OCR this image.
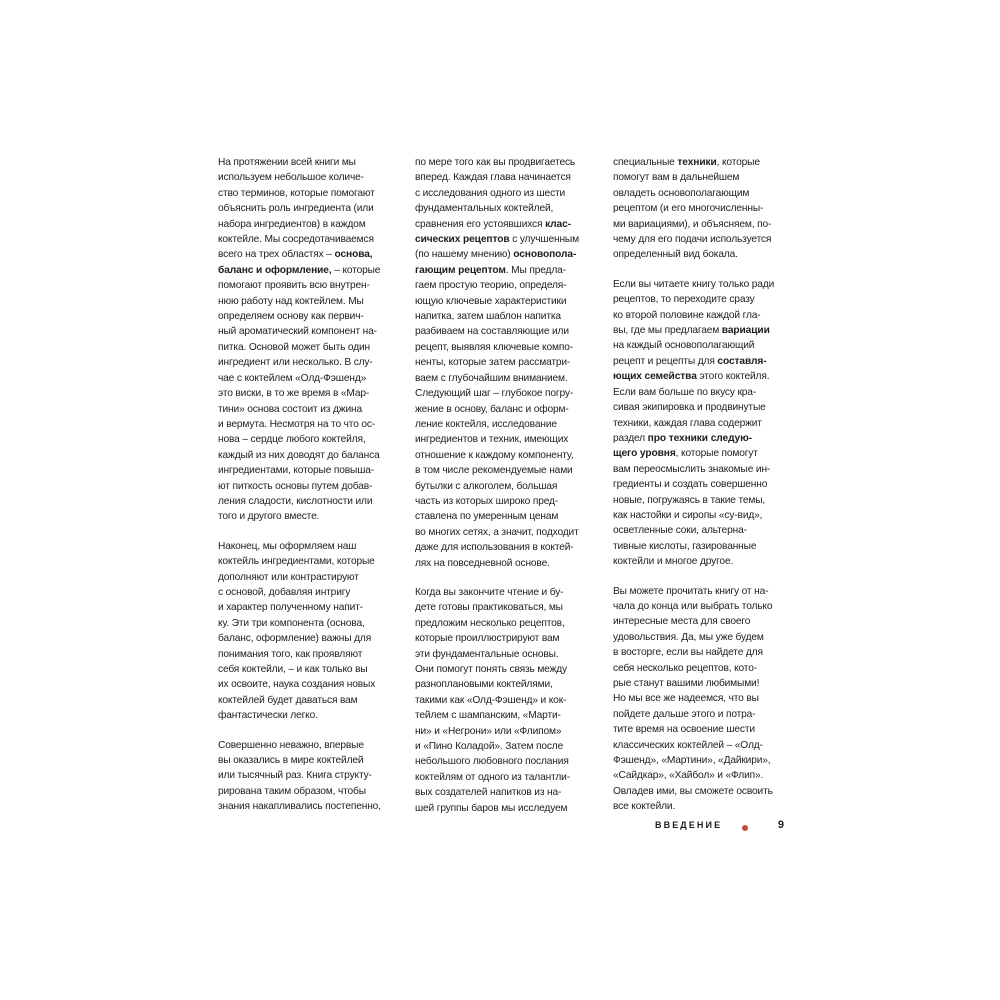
На протяжении всей книги мы
используем небольшое количе-
ство терминов, которые помогают
объяснить роль ингредиента (или
набора ингредиентов) в каждом
коктейле. Мы сосредотачиваемся
всего на трех областях – основа,
баланс и оформление, – которые
помогают проявить всю внутрен-
нюю работу над коктейлем. Мы
определяем основу как первич-
ный ароматический компонент на-
питка. Основой может быть один
ингредиент или несколько. В слу-
чае с коктейлем «Олд-Фэшенд»
это виски, в то же время в «Мар-
тини» основа состоит из джина
и вермута. Несмотря на то что ос-
нова – сердце любого коктейля,
каждый из них доводят до баланса
ингредиентами, которые повыша-
ют питкость основы путем добав-
ления сладости, кислотности или
того и другого вместе.
Наконец, мы оформляем наш
коктейль ингредиентами, которые
дополняют или контрастируют
с основой, добавляя интригу
и характер полученному напит-
ку. Эти три компонента (основа,
баланс, оформление) важны для
понимания того, как проявляют
себя коктейли, – и как только вы
их освоите, наука создания новых
коктейлей будет даваться вам
фантастически легко.
Совершенно неважно, впервые
вы оказались в мире коктейлей
или тысячный раз. Книга структу-
рирована таким образом, чтобы
знания накапливались постепенно,
по мере того как вы продвигаетесь
вперед. Каждая глава начинается
с исследования одного из шести
фундаментальных коктейлей,
сравнения его устоявшихся клас-
сических рецептов с улучшенным
(по нашему мнению) основопола-
гающим рецептом. Мы предла-
гаем простую теорию, определя-
ющую ключевые характеристики
напитка, затем шаблон напитка
разбиваем на составляющие или
рецепт, выявляя ключевые компо-
ненты, которые затем рассматри-
ваем с глубочайшим вниманием.
Следующий шаг – глубокое погру-
жение в основу, баланс и оформ-
ление коктейля, исследование
ингредиентов и техник, имеющих
отношение к каждому компоненту,
в том числе рекомендуемые нами
бутылки с алкоголем, большая
часть из которых широко пред-
ставлена по умеренным ценам
во многих сетях, а значит, подходит
даже для использования в коктей-
лях на повседневной основе.
Когда вы закончите чтение и бу-
дете готовы практиковаться, мы
предложим несколько рецептов,
которые проиллюстрируют вам
эти фундаментальные основы.
Они помогут понять связь между
разноплановыми коктейлями,
такими как «Олд-Фэшенд» и кок-
тейлем с шампанским, «Марти-
ни» и «Негрони» или «Флипом»
и «Пино Коладой». Затем после
небольшого любовного послания
коктейлям от одного из талантли-
вых создателей напитков из на-
шей группы баров мы исследуем
специальные техники, которые
помогут вам в дальнейшем
овладеть основополагающим
рецептом (и его многочисленны-
ми вариациями), и объясняем, по-
чему для его подачи используется
определенный вид бокала.
Если вы читаете книгу только ради
рецептов, то переходите сразу
ко второй половине каждой гла-
вы, где мы предлагаем вариации
на каждый основополагающий
рецепт и рецепты для составля-
ющих семейства этого коктейля.
Если вам больше по вкусу кра-
сивая экипировка и продвинутые
техники, каждая глава содержит
раздел про техники следую-
щего уровня, которые помогут
вам переосмыслить знакомые ин-
гредиенты и создать совершенно
новые, погружаясь в такие темы,
как настойки и сиропы «су-вид»,
осветленные соки, альтерна-
тивные кислоты, газированные
коктейли и многое другое.
Вы можете прочитать книгу от на-
чала до конца или выбрать только
интересные места для своего
удовольствия. Да, мы уже будем
в восторге, если вы найдете для
себя несколько рецептов, кото-
рые станут вашими любимыми!
Но мы все же надеемся, что вы
пойдете дальше этого и потра-
тите время на освоение шести
классических коктейлей – «Олд-
Фэшенд», «Мартини», «Дайкири»,
«Сайдкар», «Хайбол» и «Флип».
Овладев ими, вы сможете освоить
все коктейли.
ВВЕДЕНИЕ	9
